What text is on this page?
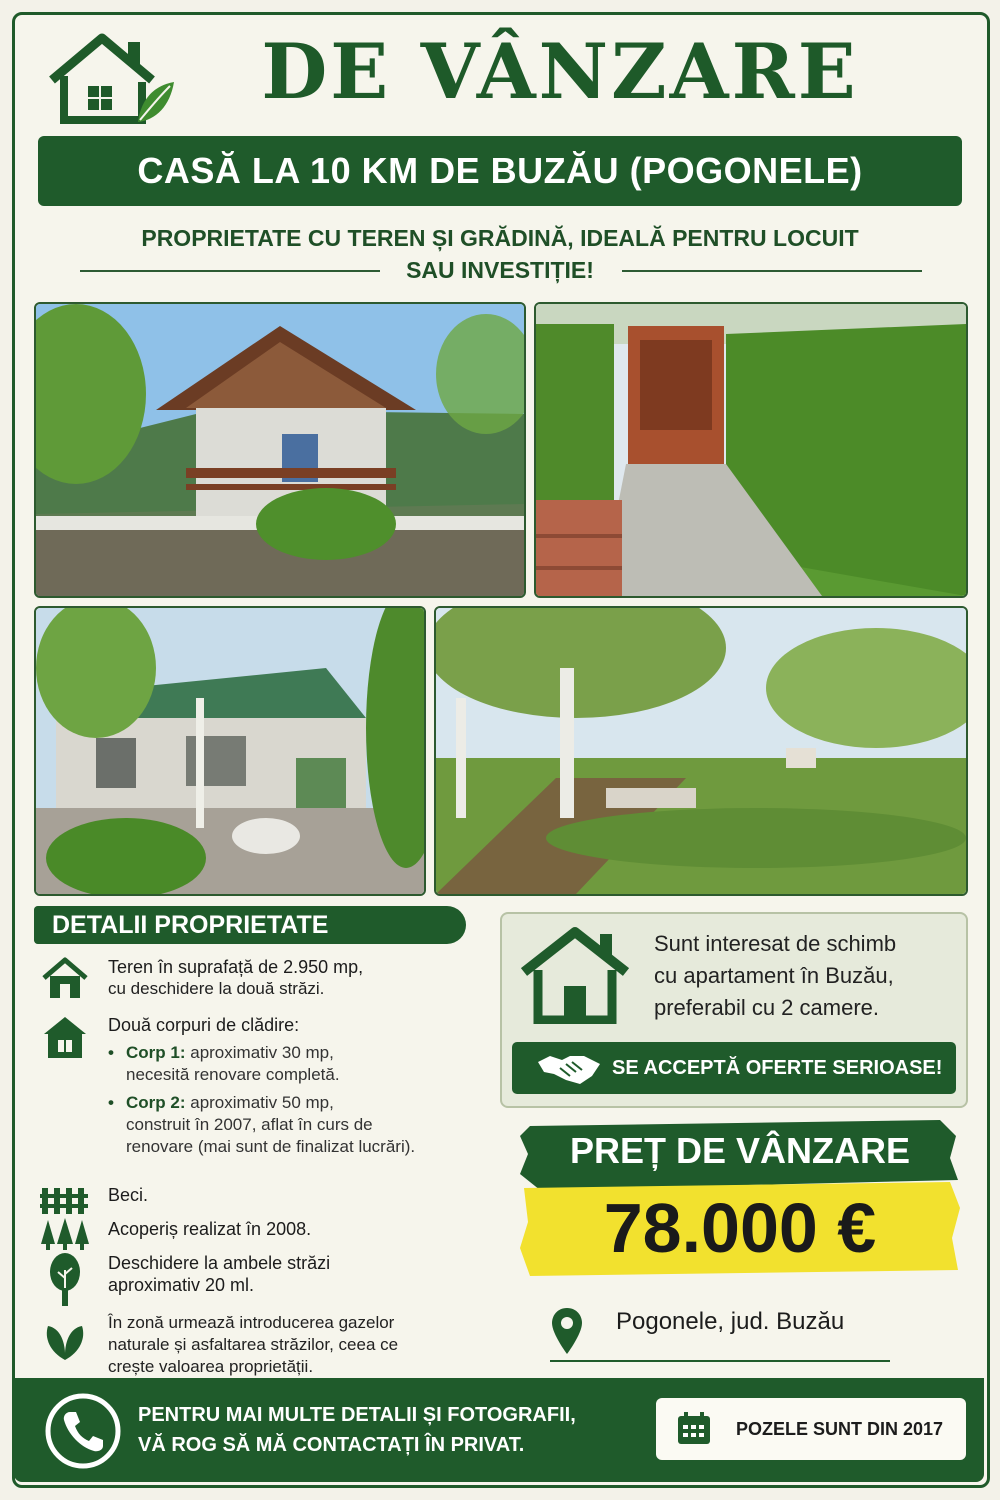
DE VÂNZARE
CASĂ LA 10 KM DE BUZĂU (POGONELE)
PROPRIETATE CU TEREN ȘI GRĂDINĂ, IDEALĂ PENTRU LOCUIT
SAU INVESTIȚIE!
DETALII PROPRIETATE
Teren în suprafață de 2.950 mp,
cu deschidere la două străzi.
Două corpuri de clădire:
• Corp 1: aproximativ 30 mp,
necesită renovare completă.
• Corp 2: aproximativ 50 mp,
construit în 2007, aflat în curs de
renovare (mai sunt de finalizat lucrări).
Beci.
Acoperiș realizat în 2008.
Deschidere la ambele străzi
aproximativ 20 ml.
În zonă urmează introducerea gazelor
naturale și asfaltarea străzilor, ceea ce
crește valoarea proprietății.
Sunt interesat de schimb
cu apartament în Buzău,
preferabil cu 2 camere.
SE ACCEPTĂ OFERTE SERIOASE!
PREȚ DE VÂNZARE
78.000 €
Pogonele, jud. Buzău
PENTRU MAI MULTE DETALII ȘI FOTOGRAFII,
VĂ ROG SĂ MĂ CONTACTAȚI ÎN PRIVAT.
POZELE SUNT DIN 2017
